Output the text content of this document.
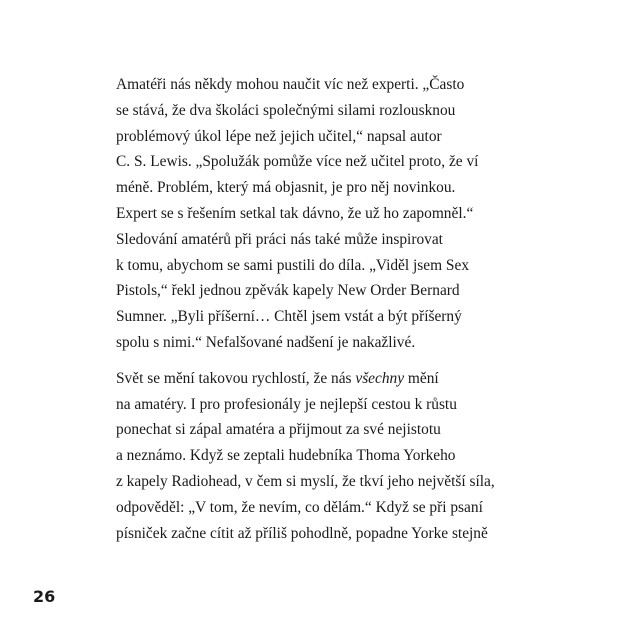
Amatéři nás někdy mohou naučit víc než experti. „Často
se stává, že dva školáci společnými silami rozlousknou
problémový úkol lépe než jejich učitel,“ napsal autor
C. S. Lewis. „Spolužák pomůže více než učitel proto, že ví
méně. Problém, který má objasnit, je pro něj novinkou.
Expert se s řešením setkal tak dávno, že už ho zapomněl.“
Sledování amatérů při práci nás také může inspirovat
k tomu, abychom se sami pustili do díla. „Viděl jsem Sex
Pistols,“ řekl jednou zpěvák kapely New Order Bernard
Sumner. „Byli příšerní… Chtěl jsem vstát a být příšerný
spolu s nimi.“ Nefalšované nadšení je nakažlivé.

Svět se mění takovou rychlostí, že nás všechny mění
na amatéry. I pro profesionály je nejlepší cestou k růstu
ponechat si zápal amatéra a přijmout za své nejistotu
a neznámo. Když se zeptali hudebníka Thoma Yorkeho
z kapely Radiohead, v čem si myslí, že tkví jeho největší síla,
odpověděl: „V tom, že nevím, co dělám.“ Když se při psaní
písniček začne cítit až příliš pohodlně, popadne Yorke stejně

26
